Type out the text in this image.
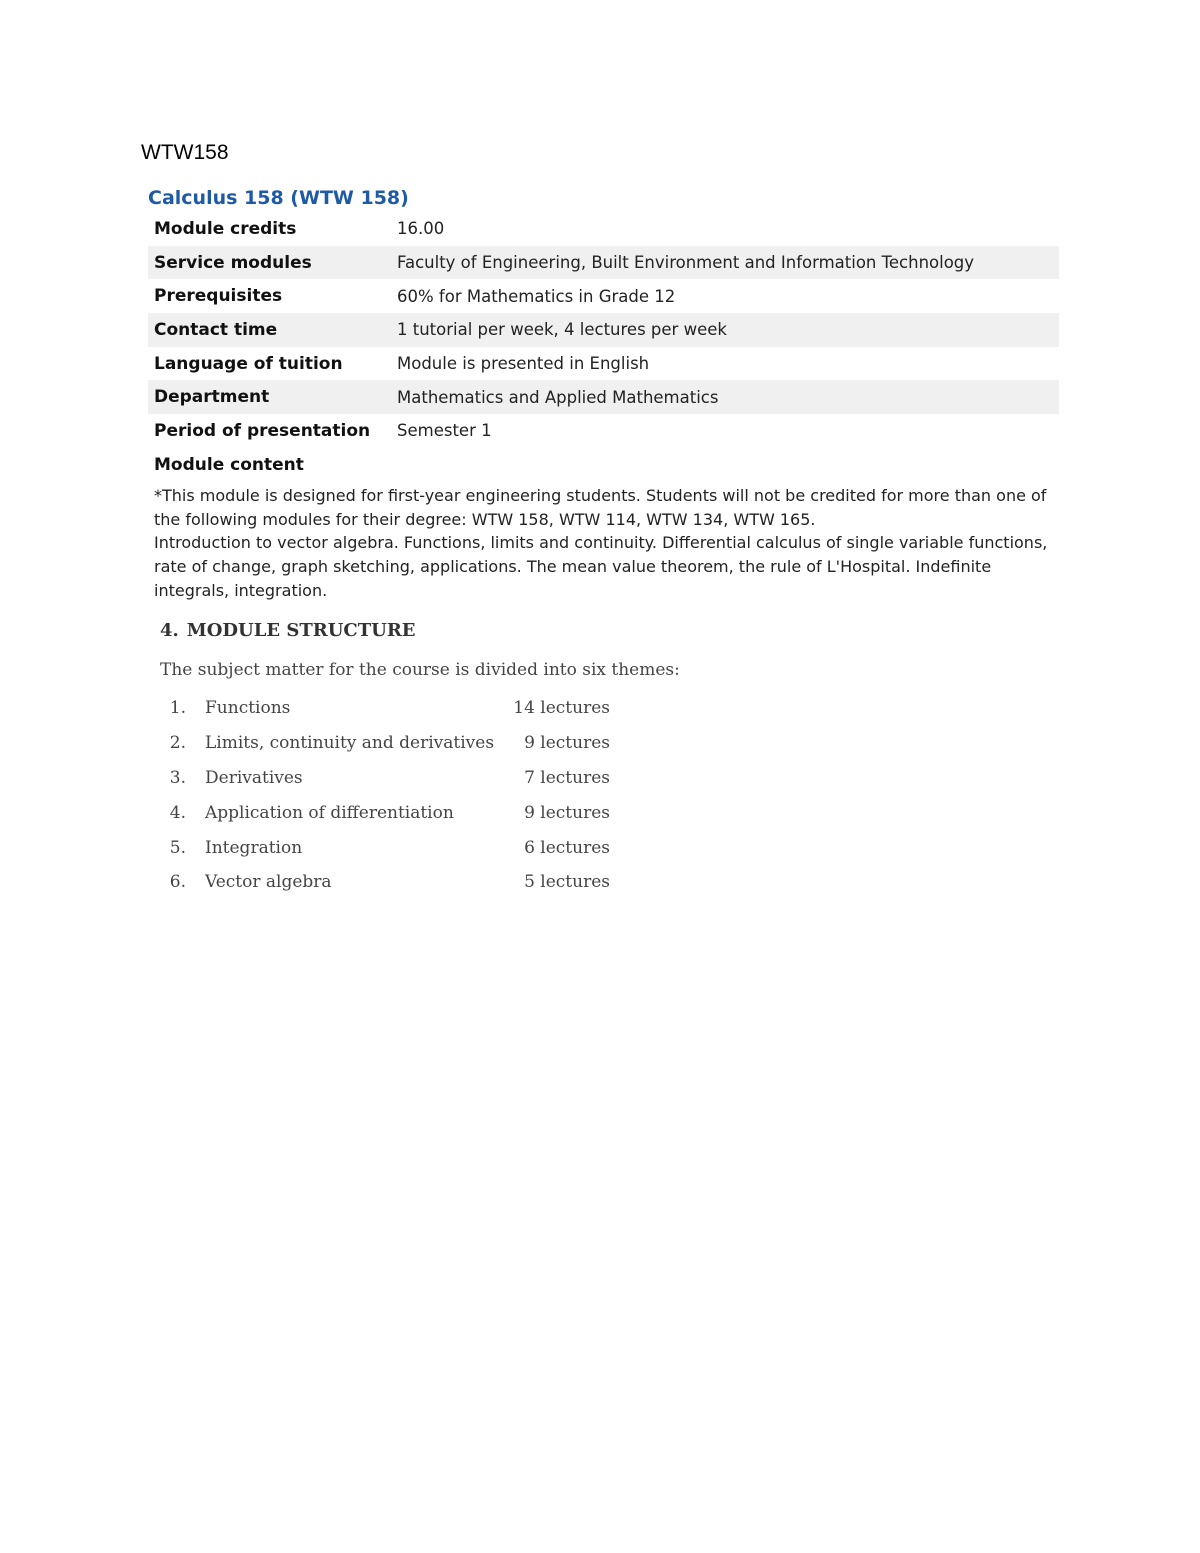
WTW158
Calculus 158 (WTW 158)
Module credits	16.00
Service modules	Faculty of Engineering, Built Environment and Information Technology
Prerequisites	60% for Mathematics in Grade 12
Contact time	1 tutorial per week, 4 lectures per week
Language of tuition	Module is presented in English
Department	Mathematics and Applied Mathematics
Period of presentation	Semester 1
Module content

*This module is designed for first-year engineering students. Students will not be credited for more than one of the following modules for their degree: WTW 158, WTW 114, WTW 134, WTW 165.

Introduction to vector algebra. Functions, limits and continuity. Differential calculus of single variable functions, rate of change, graph sketching, applications. The mean value theorem, the rule of L'Hospital. Indefinite integrals, integration.

4. MODULE STRUCTURE
The subject matter for the course is divided into six themes:
1. Functions	14 lectures
2. Limits, continuity and derivatives 9 lectures
3. Derivatives	7 lectures
4. Application of differentiation	9 lectures
5. Integration	6 lectures
6. Vector algebra	5 lectures
